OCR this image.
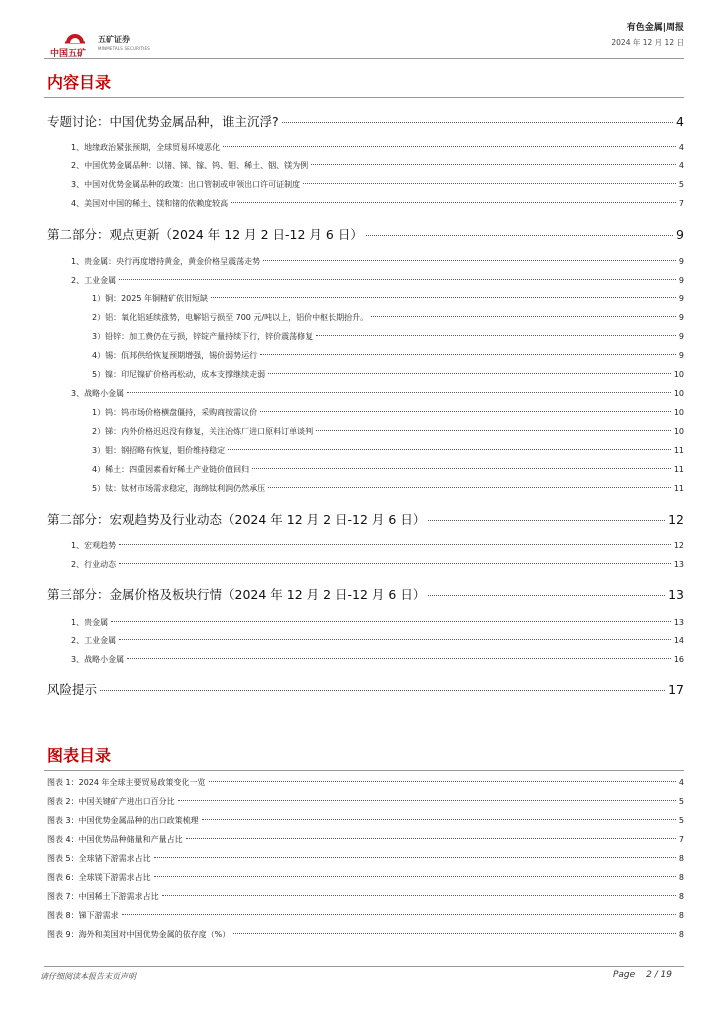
中国五矿
五矿证券
MINMETALS SECURITIES
有色金属|周报
2024 年 12 月 12 日
内容目录
专题讨论：中国优势金属品种，谁主沉浮?	4
1、地缘政治紧张预期，全球贸易环境恶化	4
2、中国优势金属品种：以锗、锑、镓、钨、钼、稀土、铟、镁为例	4
3、中国对优势金属品种的政策：出口管制或申领出口许可证制度	5
4、美国对中国的稀土、镁和锗的依赖度较高	7
第二部分：观点更新（2024 年 12 月 2 日-12 月 6 日）	9
1、贵金属：央行再度增持黄金，黄金价格呈震荡走势	9
2、工业金属	9
1）铜：2025 年铜精矿依旧短缺	9
2）铝：氧化铝延续涨势，电解铝亏损至 700 元/吨以上，铝价中枢长期抬升。	9
3）铅锌：加工费仍在亏损，锌锭产量持续下行，锌价震荡修复	9
4）锡：佤邦供给恢复预期增强，锡价弱势运行	9
5）镍：印尼镍矿价格再松动，成本支撑继续走弱	10
3、战略小金属	10
1）钨：钨市场价格横盘僵持，采购商按需议价	10
2）锑：内外价格迟迟没有修复，关注冶炼厂进口原料订单谈判	10
3）钼：钢招略有恢复，钼价维持稳定	11
4）稀土：四重因素看好稀土产业链价值回归	11
5）钛：钛材市场需求稳定，海绵钛利润仍然承压	11
第二部分：宏观趋势及行业动态（2024 年 12 月 2 日-12 月 6 日）	12
1、宏观趋势	12
2、行业动态	13
第三部分：金属价格及板块行情（2024 年 12 月 2 日-12 月 6 日）	13
1、贵金属	13
2、工业金属	14
3、战略小金属	16
风险提示	17
图表目录
图表 1：2024 年全球主要贸易政策变化一览	4
图表 2：中国关键矿产进出口百分比	5
图表 3：中国优势金属品种的出口政策梳理	5
图表 4：中国优势品种储量和产量占比	7
图表 5：全球锗下游需求占比	8
图表 6：全球镁下游需求占比	8
图表 7：中国稀土下游需求占比	8
图表 8：锑下游需求	8
图表 9：海外和美国对中国优势金属的依存度（%）	8
请仔细阅读本报告末页声明	Page 2 / 19
